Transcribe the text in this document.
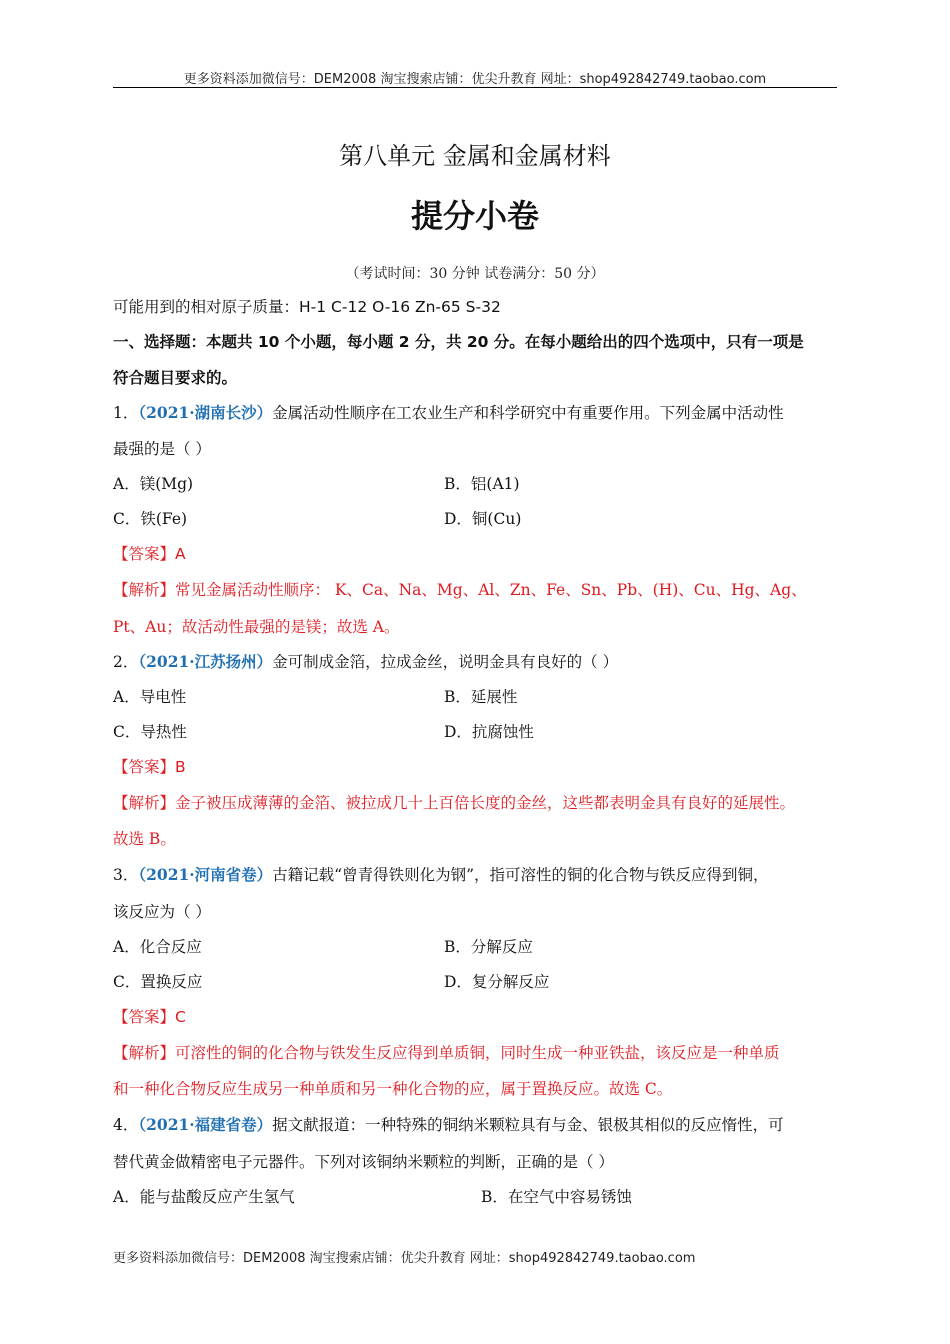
更多资料添加微信号：DEM2008 淘宝搜索店铺：优尖升教育 网址：shop492842749.taobao.com
第八单元 金属和金属材料
提分小卷
（考试时间：30 分钟 试卷满分：50 分）
可能用到的相对原子质量：H-1 C-12 O-16 Zn-65 S-32
一、选择题：本题共 10 个小题，每小题 2 分，共 20 分。在每小题给出的四个选项中，只有一项是
符合题目要求的。
1．（2021·湖南长沙）金属活动性顺序在工农业生产和科学研究中有重要作用。下列金属中活动性
最强的是（ ）
A．镁(Mg)	B．铝(A1)
C．铁(Fe)	D．铜(Cu)
【答案】A
【解析】常见金属活动性顺序： K、Ca、Na、Mg、Al、Zn、Fe、Sn、Pb、(H)、Cu、Hg、Ag、
Pt、Au；故活动性最强的是镁；故选 A。
2．（2021·江苏扬州）金可制成金箔，拉成金丝，说明金具有良好的（ ）
A．导电性	B．延展性
C．导热性	D．抗腐蚀性
【答案】B
【解析】金子被压成薄薄的金箔、被拉成几十上百倍长度的金丝，这些都表明金具有良好的延展性。
故选 B。
3．（2021·河南省卷）古籍记载“曾青得铁则化为钢”，指可溶性的铜的化合物与铁反应得到铜，
该反应为（ ）
A．化合反应	B．分解反应
C．置换反应	D．复分解反应
【答案】C
【解析】可溶性的铜的化合物与铁发生反应得到单质铜，同时生成一种亚铁盐，该反应是一种单质
和一种化合物反应生成另一种单质和另一种化合物的应，属于置换反应。故选 C。
4．（2021·福建省卷）据文献报道：一种特殊的铜纳米颗粒具有与金、银极其相似的反应惰性，可
替代黄金做精密电子元器件。下列对该铜纳米颗粒的判断，正确的是（ ）
A．能与盐酸反应产生氢气	B．在空气中容易锈蚀
更多资料添加微信号：DEM2008 淘宝搜索店铺：优尖升教育 网址：shop492842749.taobao.com
